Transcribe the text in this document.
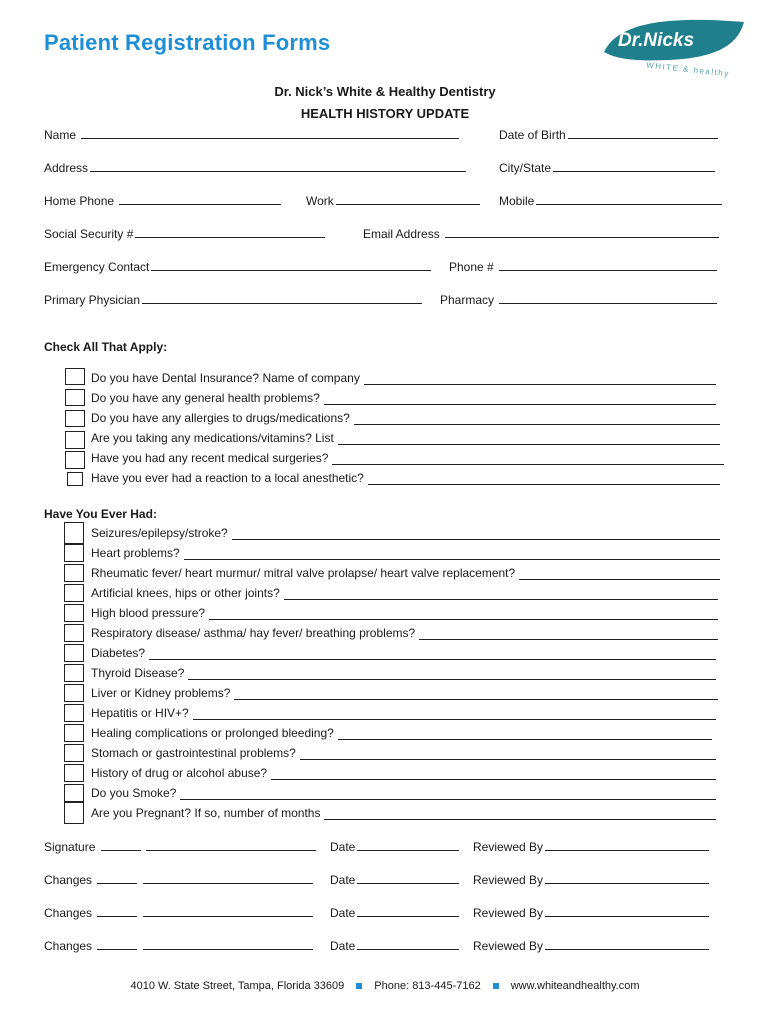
Patient Registration Forms	Dr.Nicks
WHITE & healthy
Dr. Nick’s White & Healthy Dentistry
HEALTH HISTORY UPDATE
Name	Date of Birth
Address	City/State
Home Phone	Work	Mobile
Social Security #	Email Address
Emergency Contact	Phone #
Primary Physician	Pharmacy
Check All That Apply:
Do you have Dental Insurance? Name of company
Do you have any general health problems?
Do you have any allergies to drugs/medications?
Are you taking any medications/vitamins? List
Have you had any recent medical surgeries?
Have you ever had a reaction to a local anesthetic?
Have You Ever Had:
Seizures/epilepsy/stroke?
Heart problems?
Rheumatic fever/ heart murmur/ mitral valve prolapse/ heart valve replacement?
Artificial knees, hips or other joints?
High blood pressure?
Respiratory disease/ asthma/ hay fever/ breathing problems?
Diabetes?
Thyroid Disease?
Liver or Kidney problems?
Hepatitis or HIV+?
Healing complications or prolonged bleeding?
Stomach or gastrointestinal problems?
History of drug or alcohol abuse?
Do you Smoke?
Are you Pregnant? If so, number of months
Signature	Date	Reviewed By
Changes	Date	Reviewed By
Changes	Date	Reviewed By
Changes	Date	Reviewed By
4010 W. State Street, Tampa, Florida 33609	Phone: 813-445-7162	www.whiteandhealthy.com
